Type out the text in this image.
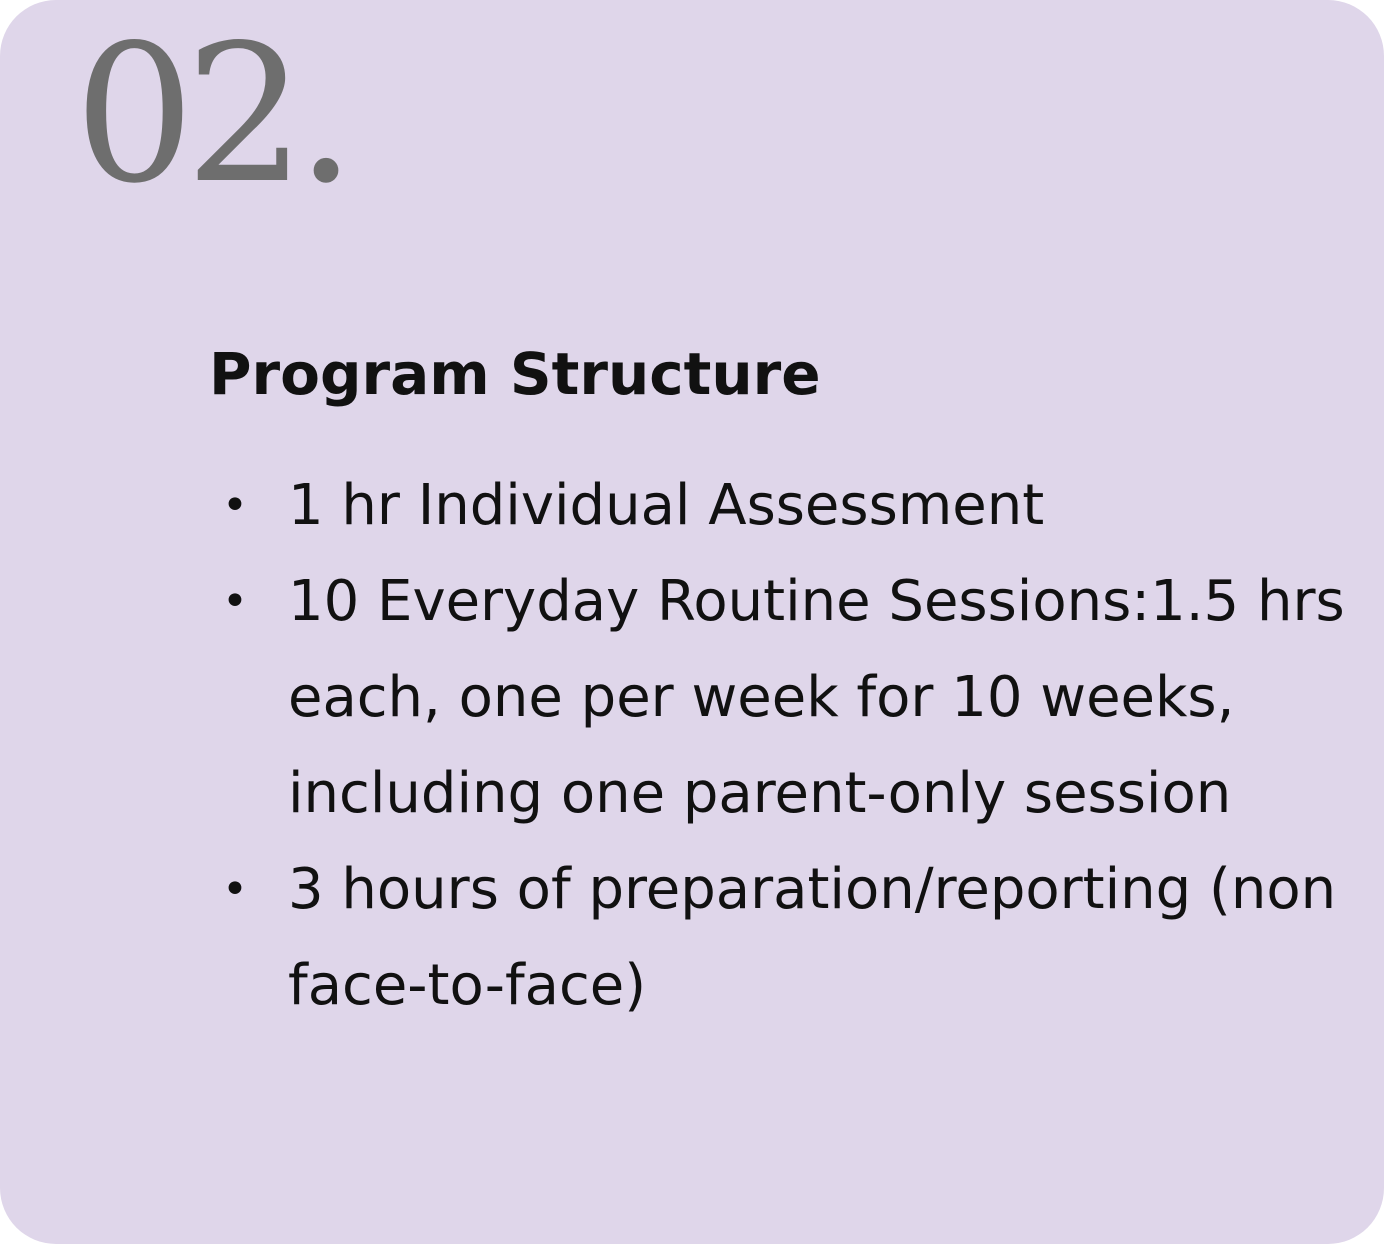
02.
Program Structure
• 1 hr Individual Assessment
• 10 Everyday Routine Sessions:1.5 hrs each, one per week for 10 weeks, including one parent-only session
• 3 hours of preparation/reporting (non face-to-face)
